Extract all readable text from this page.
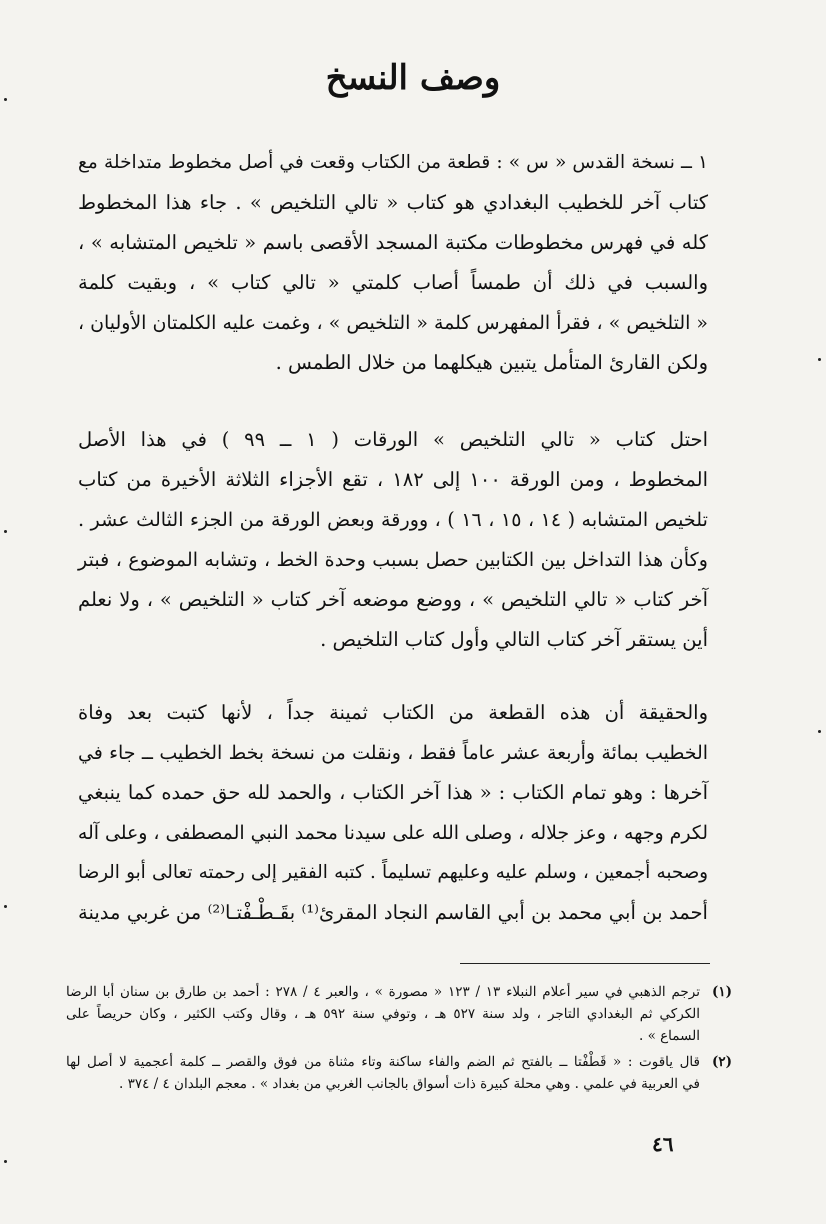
وصف النسخ
١ ــ نسخة القدس « س » : قطعة من الكتاب وقعت في أصل مخطوط متداخلة مع
كتاب آخر للخطيب البغدادي هو كتاب « تالي التلخيص » . جاء هذا المخطوط
كله في فهرس مخطوطات مكتبة المسجد الأقصى باسم « تلخيص المتشابه » ،
والسبب في ذلك أن طمساً أصاب كلمتي « تالي كتاب » ، وبقيت كلمة
« التلخيص » ، فقرأ المفهرس كلمة « التلخيص » ، وغمت عليه الكلمتان الأوليان ،
ولكن القارئ المتأمل يتبين هيكلهما من خلال الطمس .
احتل كتاب « تالي التلخيص » الورقات ( ١ ــ ٩٩ ) في هذا الأصل
المخطوط ، ومن الورقة ١٠٠ إلى ١٨٢ ، تقع الأجزاء الثلاثة الأخيرة من كتاب
تلخيص المتشابه ( ١٤ ، ١٥ ، ١٦ ) ، وورقة وبعض الورقة من الجزء الثالث عشر .
وكأن هذا التداخل بين الكتابين حصل بسبب وحدة الخط ، وتشابه الموضوع ، فبتر
آخر كتاب « تالي التلخيص » ، ووضع موضعه آخر كتاب « التلخيص » ، ولا نعلم
أين يستقر آخر كتاب التالي وأول كتاب التلخيص .
والحقيقة أن هذه القطعة من الكتاب ثمينة جداً ، لأنها كتبت بعد وفاة
الخطيب بمائة وأربعة عشر عاماً فقط ، ونقلت من نسخة بخط الخطيب ــ جاء في
آخرها : وهو تمام الكتاب : « هذا آخر الكتاب ، والحمد لله حق حمده كما ينبغي
لكرم وجهه ، وعز جلاله ، وصلى الله على سيدنا محمد النبي المصطفى ، وعلى آله
وصحبه أجمعين ، وسلم عليه وعليهم تسليماً . كتبه الفقير إلى رحمته تعالى أبو الرضا
أحمد بن أبي محمد بن أبي القاسم النجاد المقرئ⁽¹⁾ بقَـطْـفْتـا⁽²⁾ من غربي مدينة
(١)
ترجم الذهبي في سير أعلام النبلاء ١٣ / ١٢٣ « مصورة » ، والعبر ٤ / ٢٧٨ : أحمد بن طارق بن سنان أبا الرضا
الكركي ثم البغدادي التاجر ، ولد سنة ٥٢٧ هـ ، وتوفي سنة ٥٩٢ هـ ، وقال وكتب الكثير ، وكان حريصاً على
السماع » .
(٢)
قال ياقوت : « قَطْفْتا ــ بالفتح ثم الضم والفاء ساكنة وتاء مثناة من فوق والقصر ــ كلمة أعجمية لا أصل لها
في العربية في علمي . وهي محلة كبيرة ذات أسواق بالجانب الغربي من بغداد » . معجم البلدان ٤ / ٣٧٤ .
٤٦
